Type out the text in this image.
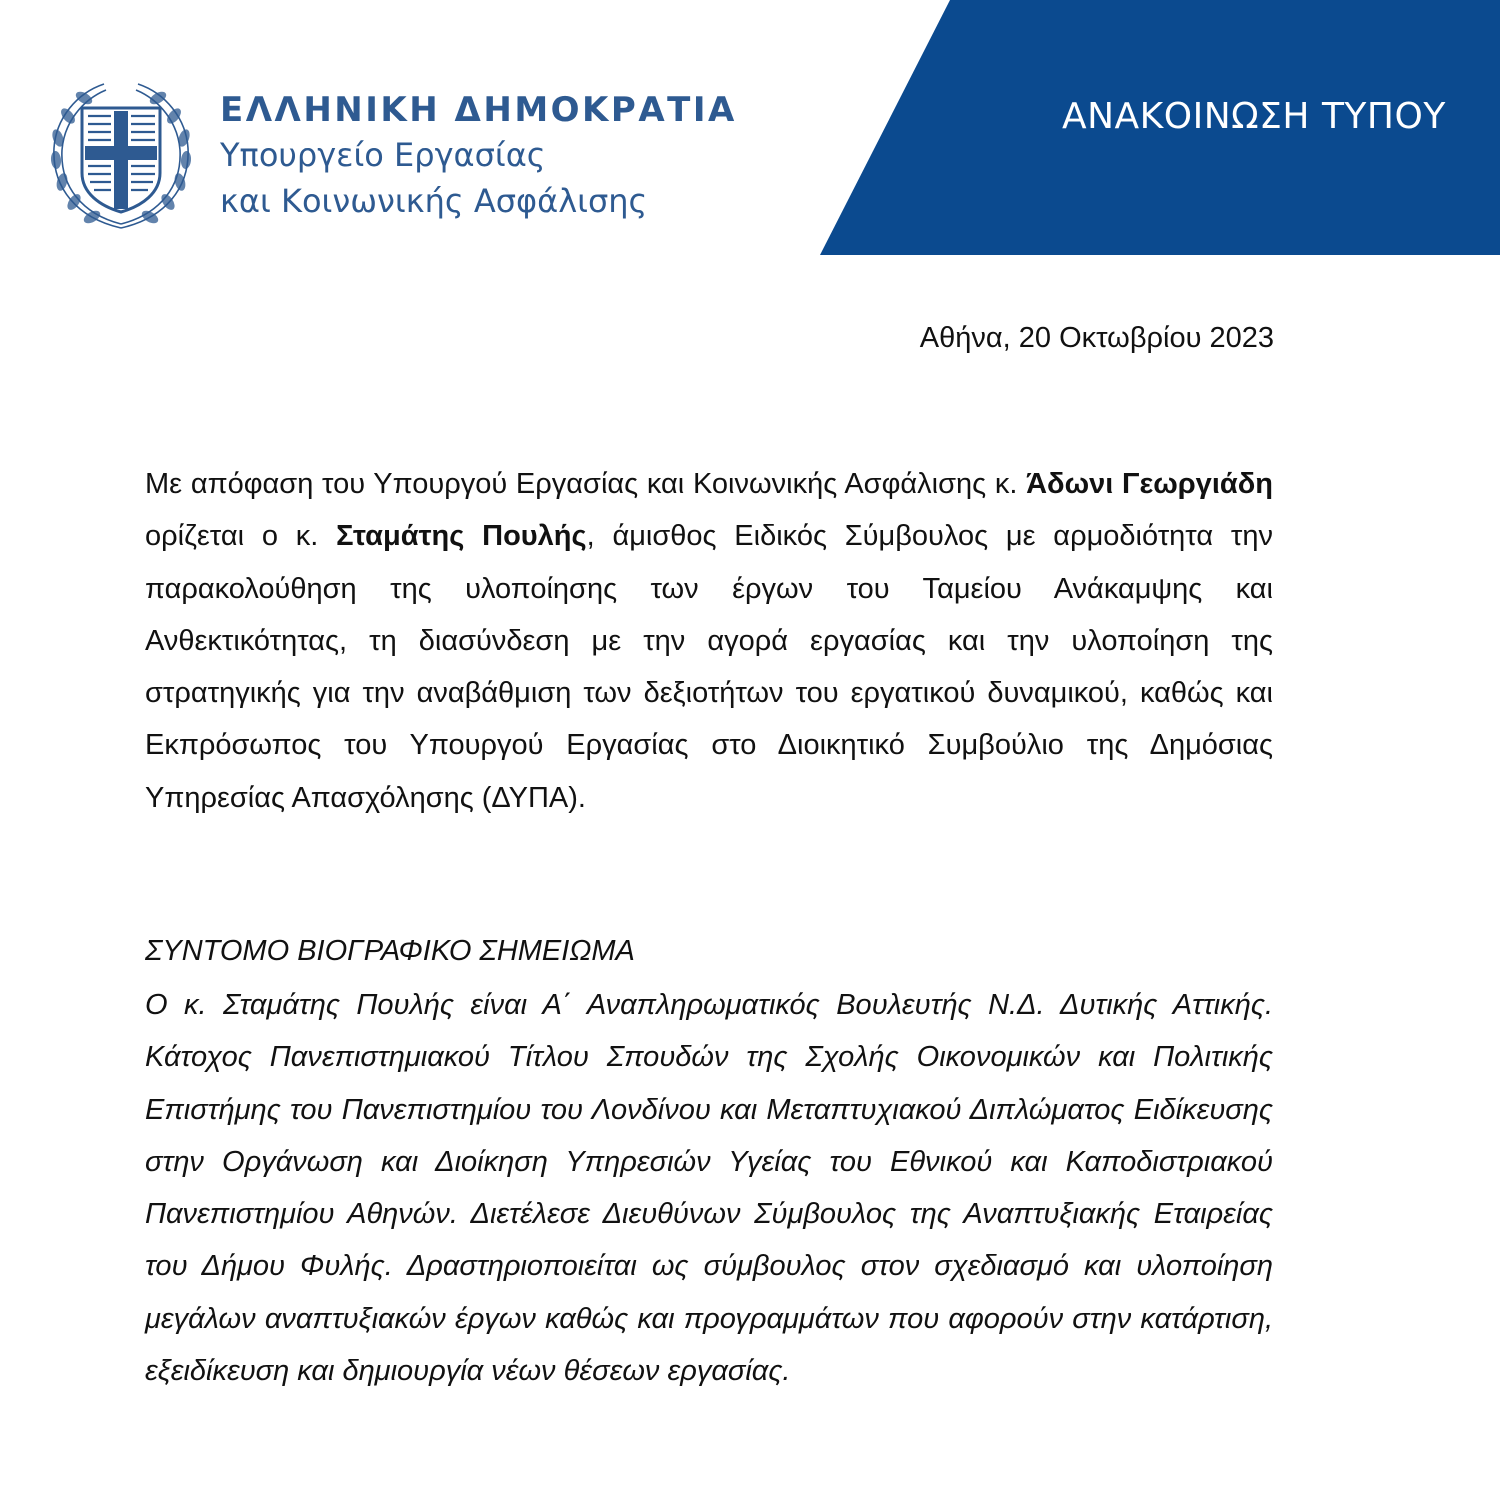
ΕΛΛΗΝΙΚΗ ΔΗΜΟΚΡΑΤΙΑ
Υπουργείο Εργασίας
και Κοινωνικής Ασφάλισης
ΑΝΑΚΟΙΝΩΣΗ ΤΥΠΟΥ
Αθήνα, 20 Οκτωβρίου 2023

Με απόφαση του Υπουργού Εργασίας και Κοινωνικής Ασφάλισης κ. Άδωνι Γεωργιάδη ορίζεται ο κ. Σταμάτης Πουλής, άμισθος Ειδικός Σύμβουλος με αρμοδιότητα την παρακολούθηση της υλοποίησης των έργων του Ταμείου Ανάκαμψης και Ανθεκτικότητας, τη διασύνδεση με την αγορά εργασίας και την υλοποίηση της στρατηγικής για την αναβάθμιση των δεξιοτήτων του εργατικού δυναμικού, καθώς και Εκπρόσωπος του Υπουργού Εργασίας στο Διοικητικό Συμβούλιο της Δημόσιας Υπηρεσίας Απασχόλησης (ΔΥΠΑ).

ΣΥΝΤΟΜΟ ΒΙΟΓΡΑΦΙΚΟ ΣΗΜΕΙΩΜΑ

Ο κ. Σταμάτης Πουλής είναι Α΄ Αναπληρωματικός Βουλευτής Ν.Δ. Δυτικής Αττικής. Κάτοχος Πανεπιστημιακού Τίτλου Σπουδών της Σχολής Οικονομικών και Πολιτικής Επιστήμης του Πανεπιστημίου του Λονδίνου και Μεταπτυχιακού Διπλώματος Ειδίκευσης στην Οργάνωση και Διοίκηση Υπηρεσιών Υγείας του Εθνικού και Καποδιστριακού Πανεπιστημίου Αθηνών. Διετέλεσε Διευθύνων Σύμβουλος της Αναπτυξιακής Εταιρείας του Δήμου Φυλής. Δραστηριοποιείται ως σύμβουλος στον σχεδιασμό και υλοποίηση μεγάλων αναπτυξιακών έργων καθώς και προγραμμάτων που αφορούν στην κατάρτιση, εξειδίκευση και δημιουργία νέων θέσεων εργασίας.
